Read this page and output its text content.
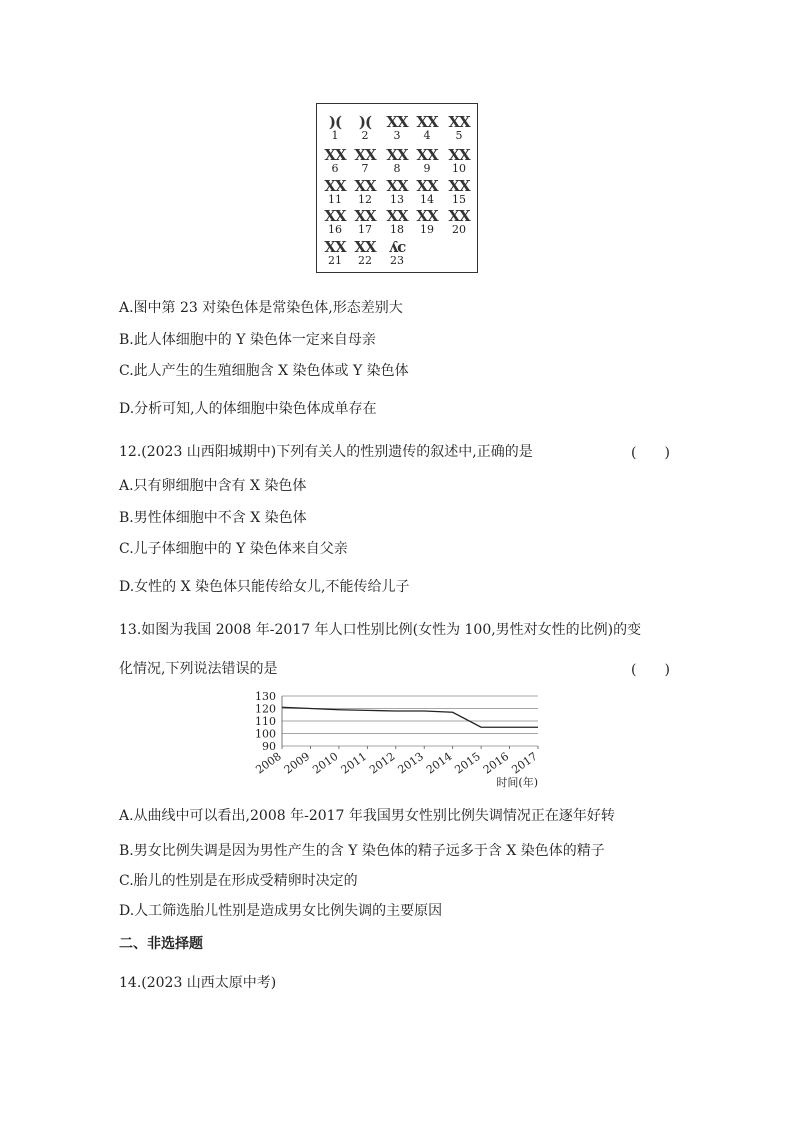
)(
1
)(
2
XX
3
XX
4
XX
5
XX
6
XX
7
XX
8
XX
9
XX
10
XX
11
XX
12
XX
13
XX
14
XX
15
XX
16
XX
17
XX
18
XX
19
XX
20
XX
21
XX
22
ʎc
23
A.图中第 23 对染色体是常染色体,形态差别大
B.此人体细胞中的 Y 染色体一定来自母亲
C.此人产生的生殖细胞含 X 染色体或 Y 染色体
D.分析可知,人的体细胞中染色体成单存在
12.(2023 山西阳城期中)下列有关人的性别遗传的叙述中,正确的是	(　　)
A.只有卵细胞中含有 X 染色体
B.男性体细胞中不含 X 染色体
C.儿子体细胞中的 Y 染色体来自父亲
D.女性的 X 染色体只能传给女儿,不能传给儿子
13.如图为我国 2008 年-2017 年人口性别比例(女性为 100,男性对女性的比例)的变
化情况,下列说法错误的是	(　　)
90
100
110
120
130
2008
2009
2010
2011
2012
2013
2014
2015
2016
2017
时间(年)
A.从曲线中可以看出,2008 年-2017 年我国男女性别比例失调情况正在逐年好转
B.男女比例失调是因为男性产生的含 Y 染色体的精子远多于含 X 染色体的精子
C.胎儿的性别是在形成受精卵时决定的
D.人工筛选胎儿性别是造成男女比例失调的主要原因
二、非选择题
14.(2023 山西太原中考)
